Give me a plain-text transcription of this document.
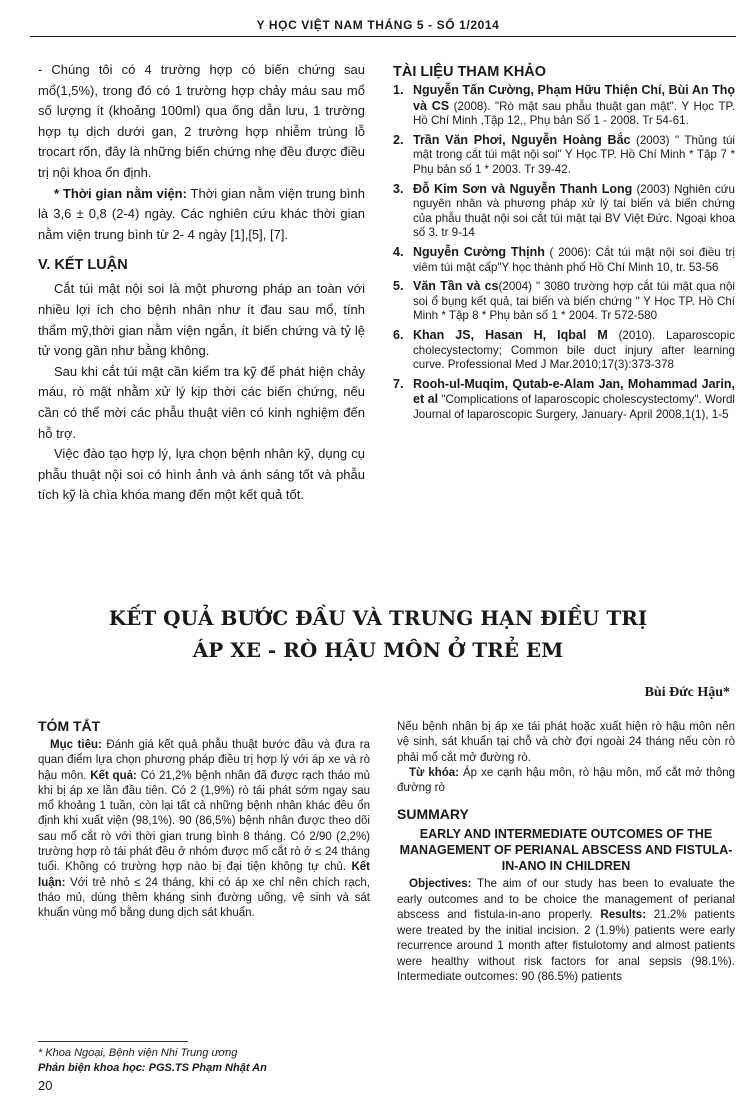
Y HỌC VIỆT NAM THÁNG 5 - SỐ 1/2014

- Chúng tôi có 4 trường hợp có biến chứng sau mổ(1,5%), trong đó có 1 trường hợp chảy máu sau mổ số lượng ít (khoảng 100ml) qua ống dẫn lưu, 1 trường hợp tụ dịch dưới gan, 2 trường hợp nhiễm trùng lỗ trocart rốn, đây là những biến chứng nhẹ đều được điều trị nội khoa ổn định.

* Thời gian nằm viện: Thời gian nằm viện trung bình là 3,6 ± 0,8 (2-4) ngày. Các nghiên cứu khác thời gian nằm viện trung bình từ 2- 4 ngày [1],[5], [7].

V. KẾT LUẬN

Cắt túi mật nội soi là một phương pháp an toàn với nhiều lợi ích cho bệnh nhân như ít đau sau mổ, tính thẩm mỹ,thời gian nằm viện ngắn, ít biến chứng và tỷ lệ tử vong gần như bằng không.

Sau khi cắt túi mật cần kiểm tra kỹ để phát hiện chảy máu, rò mật nhằm xử lý kịp thời các biến chứng, nếu cần có thể mời các phẫu thuật viên có kinh nghiệm đến hỗ trợ.

Việc đào tạo hợp lý, lựa chọn bệnh nhân kỹ, dụng cụ phẫu thuật nội soi có hình ảnh và ánh sáng tốt và phẫu tích kỹ là chìa khóa mang đến một kết quả tốt.

TÀI LIỆU THAM KHẢO
1. Nguyễn Tấn Cường, Phạm Hữu Thiện Chí, Bùi An Thọ và CS (2008). "Rò mật sau phẫu thuật gan mật". Y Học TP. Hồ Chí Minh ,Tập 12,, Phụ bản Số 1 - 2008. Tr 54-61.
2. Trần Văn Phơi, Nguyễn Hoàng Bắc (2003) " Thủng túi mật trong cắt túi mật nội soi" Y Học TP. Hồ Chí Minh * Tập 7 * Phụ bản số 1 * 2003. Tr 39-42.
3. Đỗ Kim Sơn và Nguyễn Thanh Long (2003) Nghiên cứu nguyên nhân và phương pháp xử lý tai biến và biến chứng của phẫu thuật nội soi cắt túi mật tại BV Việt Đức. Ngoại khoa số 3. tr 9-14
4. Nguyễn Cường Thịnh ( 2006): Cắt túi mật nội soi điều trị viêm túi mật cấp"Y học thành phố Hồ Chí Minh 10, tr. 53-56
5. Văn Tần và cs(2004) " 3080 trường hợp cắt túi mật qua nội soi ổ bụng kết quả, tai biến và biến chứng " Y Học TP. Hồ Chí Minh * Tập 8 * Phụ bản số 1 * 2004. Tr 572-580
6. Khan JS, Hasan H, Iqbal M (2010). Laparoscopic cholecystectomy; Common bile duct injury after learning curve. Professional Med J Mar.2010;17(3):373-378
7. Rooh-ul-Muqim, Qutab-e-Alam Jan, Mohammad Jarin, et al "Complications of laparoscopic cholescystectomy". Wordl Journal of laparoscopic Surgery, January- April 2008,1(1), 1-5
KẾT QUẢ BƯỚC ĐẦU VÀ TRUNG HẠN ĐIỀU TRỊ
ÁP XE - RÒ HẬU MÔN Ở TRẺ EM
Bùi Đức Hậu*
TÓM TẮT

Mục tiêu: Đánh giá kết quả phẫu thuật bước đầu và đưa ra quan điểm lựa chọn phương pháp điều trị hợp lý với áp xe và rò hậu môn. Kết quả: Có 21,2% bệnh nhân đã được rạch tháo mủ khi bị áp xe lần đầu tiên. Có 2 (1,9%) rò tái phát sớm ngay sau mổ khoảng 1 tuần, còn lại tất cả những bệnh nhân khác đều ổn định khi xuất viện (98,1%). 90 (86,5%) bệnh nhân được theo dõi sau mổ cắt rò với thời gian trung bình 8 tháng. Có 2/90 (2,2%) trường hợp rò tái phát đều ở nhóm được mổ cắt rò ở ≤ 24 tháng tuổi. Không có trường hợp nào bị đại tiện không tự chủ. Kết luận: Với trẻ nhỏ ≤ 24 tháng, khi có áp xe chỉ nên chích rạch, tháo mủ, dùng thêm kháng sinh đường uống, vệ sinh và sát khuẩn vùng mổ bằng dung dịch sát khuẩn.

Nếu bệnh nhân bị áp xe tái phát hoặc xuất hiện rò hậu môn nên vệ sinh, sát khuẩn tại chỗ và chờ đợi ngoài 24 tháng nếu còn rò phải mổ cắt mở đường rò.

Từ khóa: Áp xe cạnh hậu môn, rò hậu môn, mổ cắt mở thông đường rò

SUMMARY
EARLY AND INTERMEDIATE OUTCOMES OF THE MANAGEMENT OF PERIANAL ABSCESS AND FISTULA-IN-ANO IN CHILDREN

Objectives: The aim of our study has been to evaluate the early outcomes and to be choice the management of perianal abscess and fistula-in-ano properly. Results: 21.2% patients were treated by the initial incision. 2 (1.9%) patients were early recurrence around 1 month after fistulotomy and almost patients were healthy without risk factors for anal sepsis (98.1%). Intermediate outcomes: 90 (86.5%) patients

* Khoa Ngoại, Bệnh viện Nhi Trung ương
Phản biện khoa học: PGS.TS Phạm Nhật An
20
